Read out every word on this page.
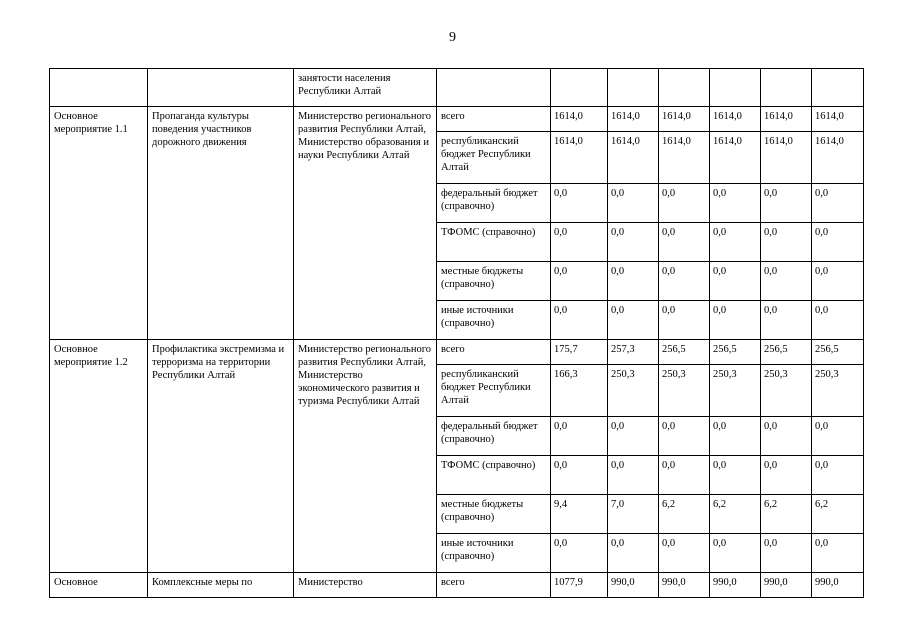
9
		занятости населения Республики Алтай							
Основное мероприятие 1.1	Пропаганда культуры поведения участников дорожного движения	Министерство регионального развития Республики Алтай, Министерство образования и науки Республики Алтай	всего	1614,0	1614,0	1614,0	1614,0	1614,0	1614,0
			республиканский бюджет Республики Алтай	1614,0	1614,0	1614,0	1614,0	1614,0	1614,0
			федеральный бюджет (справочно)	0,0	0,0	0,0	0,0	0,0	0,0
			ТФОМС (справочно)	0,0	0,0	0,0	0,0	0,0	0,0
			местные бюджеты (справочно)	0,0	0,0	0,0	0,0	0,0	0,0
			иные источники (справочно)	0,0	0,0	0,0	0,0	0,0	0,0
Основное мероприятие 1.2	Профилактика экстремизма и терроризма на территории Республики Алтай	Министерство регионального развития Республики Алтай, Министерство экономического развития и туризма Республики Алтай	всего	175,7	257,3	256,5	256,5	256,5	256,5
			республиканский бюджет Республики Алтай	166,3	250,3	250,3	250,3	250,3	250,3
			федеральный бюджет (справочно)	0,0	0,0	0,0	0,0	0,0	0,0
			ТФОМС (справочно)	0,0	0,0	0,0	0,0	0,0	0,0
			местные бюджеты (справочно)	9,4	7,0	6,2	6,2	6,2	6,2
			иные источники (справочно)	0,0	0,0	0,0	0,0	0,0	0,0
Основное	Комплексные меры по	Министерство	всего	1077,9	990,0	990,0	990,0	990,0	990,0
